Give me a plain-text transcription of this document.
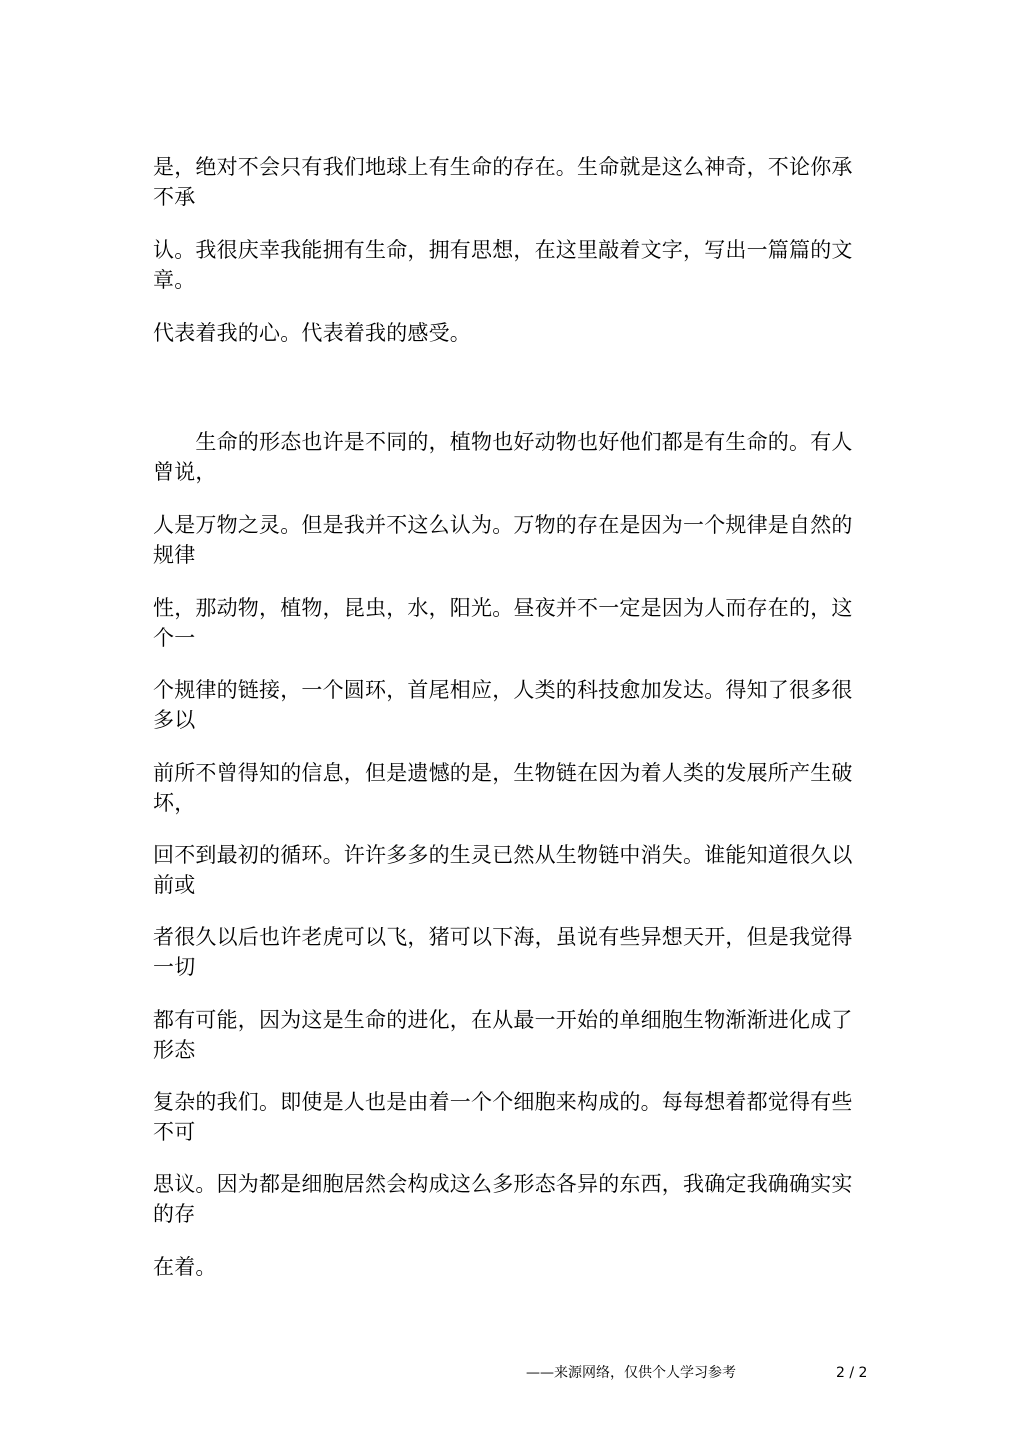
是，绝对不会只有我们地球上有生命的存在。生命就是这么神奇，不论你承
不承

认。我很庆幸我能拥有生命，拥有思想，在这里敲着文字，写出一篇篇的文
章。

代表着我的心。代表着我的感受。

　　生命的形态也许是不同的，植物也好动物也好他们都是有生命的。有人
曾说，

人是万物之灵。但是我并不这么认为。万物的存在是因为一个规律是自然的
规律

性，那动物，植物，昆虫，水，阳光。昼夜并不一定是因为人而存在的，这
个一

个规律的链接，一个圆环，首尾相应，人类的科技愈加发达。得知了很多很
多以

前所不曾得知的信息，但是遗憾的是，生物链在因为着人类的发展所产生破
坏，

回不到最初的循环。许许多多的生灵已然从生物链中消失。谁能知道很久以
前或

者很久以后也许老虎可以飞，猪可以下海，虽说有些异想天开，但是我觉得
一切

都有可能，因为这是生命的进化，在从最一开始的单细胞生物渐渐进化成了
形态

复杂的我们。即使是人也是由着一个个细胞来构成的。每每想着都觉得有些
不可

思议。因为都是细胞居然会构成这么多形态各异的东西，我确定我确确实实
的存

在着。

——来源网络，仅供个人学习参考	2 / 2
